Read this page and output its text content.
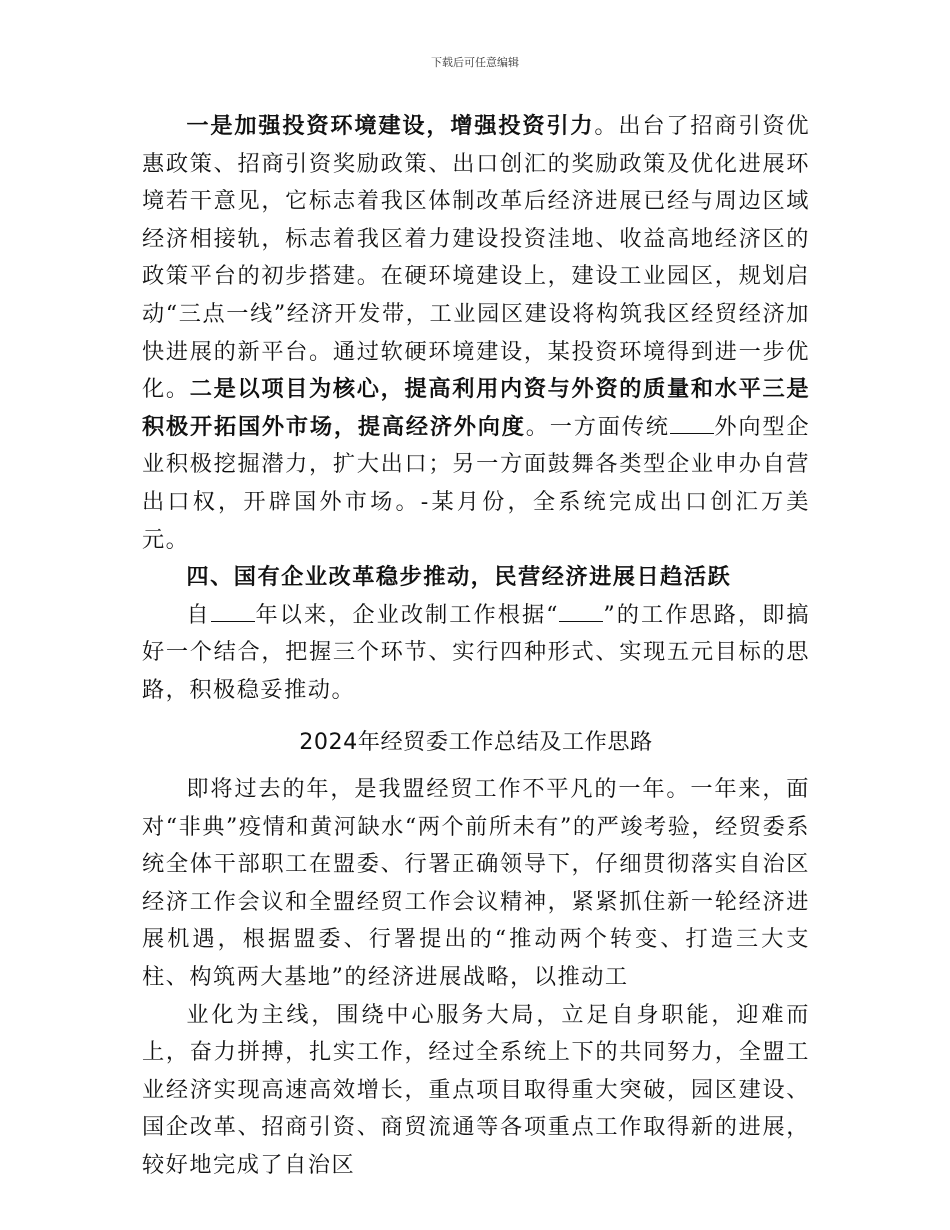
下载后可任意编辑

一是加强投资环境建设，增强投资引力。出台了招商引资优惠政策、招商引资奖励政策、出口创汇的奖励政策及优化进展环境若干意见，它标志着我区体制改革后经济进展已经与周边区域经济相接轨，标志着我区着力建设投资洼地、收益高地经济区的政策平台的初步搭建。在硬环境建设上，建设工业园区，规划启动“三点一线”经济开发带，工业园区建设将构筑我区经贸经济加快进展的新平台。通过软硬环境建设，某投资环境得到进一步优化。二是以项目为核心，提高利用内资与外资的质量和水平三是积极开拓国外市场，提高经济外向度。一方面传统 外向型企业积极挖掘潜力，扩大出口；另一方面鼓舞各类型企业申办自营出口权，开辟国外市场。-某月份，全系统完成出口创汇万美元。

四、国有企业改革稳步推动，民营经济进展日趋活跃

自 年以来，企业改制工作根据“ ”的工作思路，即搞好一个结合，把握三个环节、实行四种形式、实现五元目标的思路，积极稳妥推动。

2024年经贸委工作总结及工作思路

即将过去的年，是我盟经贸工作不平凡的一年。一年来，面对“非典”疫情和黄河缺水“两个前所未有”的严竣考验，经贸委系统全体干部职工在盟委、行署正确领导下，仔细贯彻落实自治区经济工作会议和全盟经贸工作会议精神，紧紧抓住新一轮经济进展机遇，根据盟委、行署提出的“推动两个转变、打造三大支柱、构筑两大基地”的经济进展战略，以推动工

业化为主线，围绕中心服务大局，立足自身职能，迎难而上，奋力拼搏，扎实工作，经过全系统上下的共同努力，全盟工业经济实现高速高效增长，重点项目取得重大突破，园区建设、国企改革、招商引资、商贸流通等各项重点工作取得新的进展，较好地完成了自治区
